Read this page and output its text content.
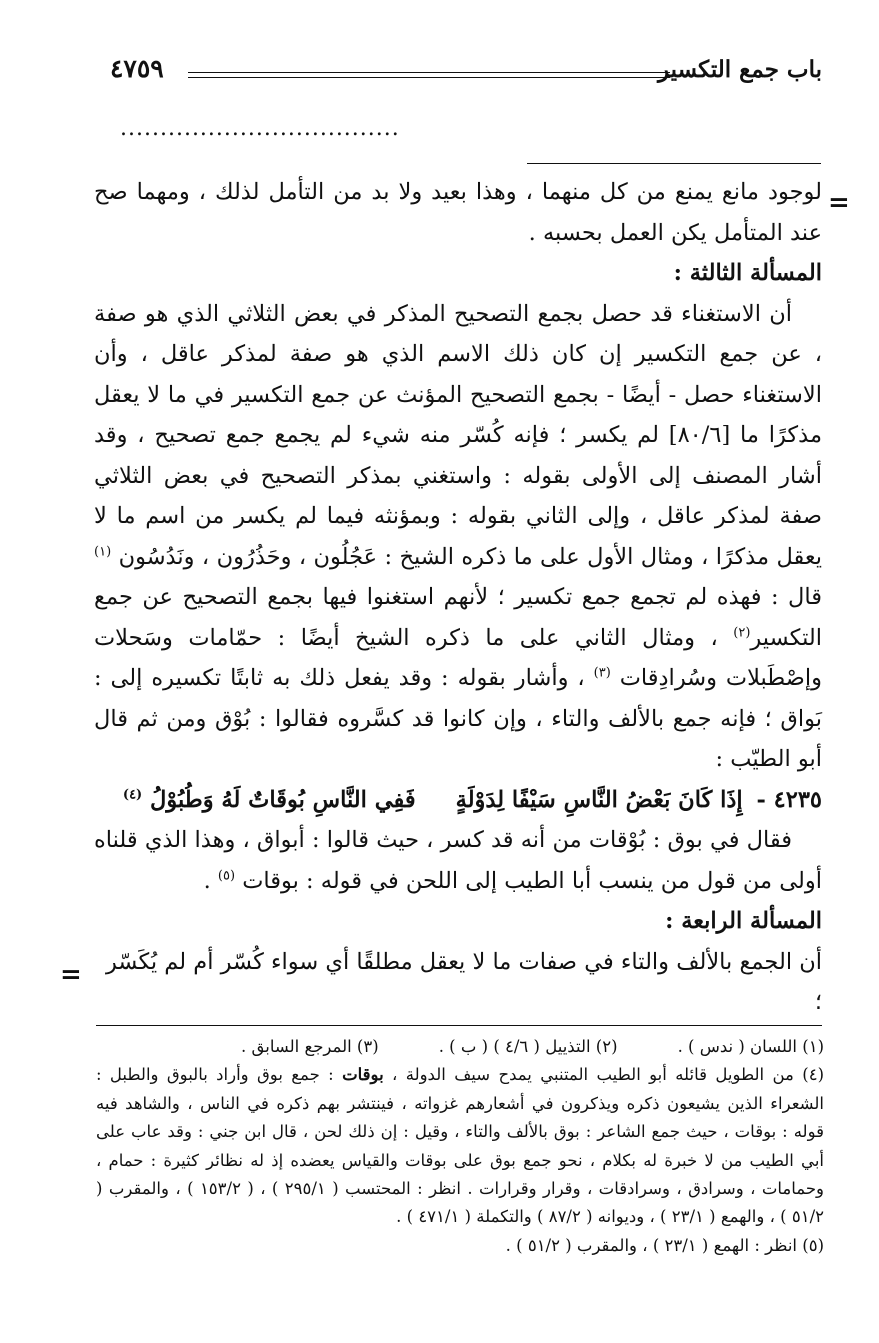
باب جمع التكسير
٤٧٥٩
...................................
=

لوجود مانع يمنع من كل منهما ، وهذا بعيد ولا بد من التأمل لذلك ، ومهما صح عند المتأمل يكن العمل بحسبه .

المسألة الثالثة :

أن الاستغناء قد حصل بجمع التصحيح المذكر في بعض الثلاثي الذي هو صفة ، عن جمع التكسير إن كان ذلك الاسم الذي هو صفة لمذكر عاقل ، وأن الاستغناء حصل - أيضًا - بجمع التصحيح المؤنث عن جمع التكسير في ما لا يعقل مذكرًا ما [٨٠/٦] لم يكسر ؛ فإنه كُسّر منه شيء لم يجمع جمع تصحيح ، وقد أشار المصنف إلى الأولى بقوله : واستغني بمذكر التصحيح في بعض الثلاثي صفة لمذكر عاقل ، وإلى الثاني بقوله : وبمؤنثه فيما لم يكسر من اسم ما لا يعقل مذكرًا ، ومثال الأول على ما ذكره الشيخ : عَجُلُون ، وحَذُرُون ، ونَدُسُون $^{(١)}$ قال : فهذه لم تجمع جمع تكسير ؛ لأنهم استغنوا فيها بجمع التصحيح عن جمع التكسير$^{(٢)}$ ، ومثال الثاني على ما ذكره الشيخ أيضًا : حمّامات وسَحلات وإصْطَبلات وسُرادِقات $^{(٣)}$ ، وأشار بقوله : وقد يفعل ذلك به ثابتًا تكسيره إلى : بَواق ؛ فإنه جمع بالألف والتاء ، وإن كانوا قد كسَّروه فقالوا : بُوْق ومن ثم قال أبو الطيّب :

٤٢٣٥ - إِذَا كَانَ بَعْضُ النَّاسِ سَيْفًا لِدَوْلَةٍفَفِي النَّاسِ بُوقَاتٌ لَهُ وَطُبُوْلُ $^{(٤)}$

فقال في بوق : بُوْقات من أنه قد كسر ، حيث قالوا : أبواق ، وهذا الذي قلناه أولى من قول من ينسب أبا الطيب إلى اللحن في قوله : بوقات $^{(٥)}$ .

المسألة الرابعة :

أن الجمع بالألف والتاء في صفات ما لا يعقل مطلقًا أي سواء كُسّر أم لم يُكَسّر ؛

=
(١) اللسان ( ندس ) .
(٢) التذييل ( ٤/٦ ) ( ب ) .
(٣) المرجع السابق .

(٤) من الطويل قائله أبو الطيب المتنبي يمدح سيف الدولة ، بوقات : جمع بوق وأراد بالبوق والطبل : الشعراء الذين يشيعون ذكره ويذكرون في أشعارهم غزواته ، فينتشر بهم ذكره في الناس ، والشاهد فيه قوله : بوقات ، حيث جمع الشاعر : بوق بالألف والتاء ، وقيل : إن ذلك لحن ، قال ابن جني : وقد عاب على أبي الطيب من لا خبرة له بكلام ، نحو جمع بوق على بوقات والقياس يعضده إذ له نظائر كثيرة : حمام ، وحمامات ، وسرادق ، وسرادقات ، وقرار وقرارات . انظر : المحتسب ( ٢٩٥/١ ) ، ( ١٥٣/٢ ) ، والمقرب ( ٥١/٢ ) ، والهمع ( ٢٣/١ ) ، وديوانه ( ٨٧/٢ ) والتكملة ( ٤٧١/١ ) .

(٥) انظر : الهمع ( ٢٣/١ ) ، والمقرب ( ٥١/٢ ) .
